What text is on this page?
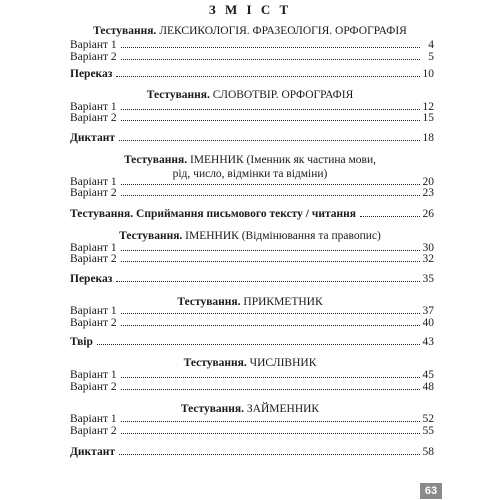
З М І С Т
Тестування. ЛЕКСИКОЛОГІЯ. ФРАЗЕОЛОГІЯ. ОРФОГРАФІЯ
Варіант 1	4
Варіант 2	5
Переказ	10
Тестування. СЛОВОТВІР. ОРФОГРАФІЯ
Варіант 1	12
Варіант 2	15
Диктант	18
Тестування. ІМЕННИК (Іменник як частина мови,
рід, число, відмінки та відміни)
Варіант 1	20
Варіант 2	23
Тестування. Сприймання письмового тексту / читання	26
Тестування. ІМЕННИК (Відмінювання та правопис)
Варіант 1	30
Варіант 2	32
Переказ	35
Тестування. ПРИКМЕТНИК
Варіант 1	37
Варіант 2	40
Твір	43
Тестування. ЧИСЛІВНИК
Варіант 1	45
Варіант 2	48
Тестування. ЗАЙМЕННИК
Варіант 1	52
Варіант 2	55
Диктант	58
63
